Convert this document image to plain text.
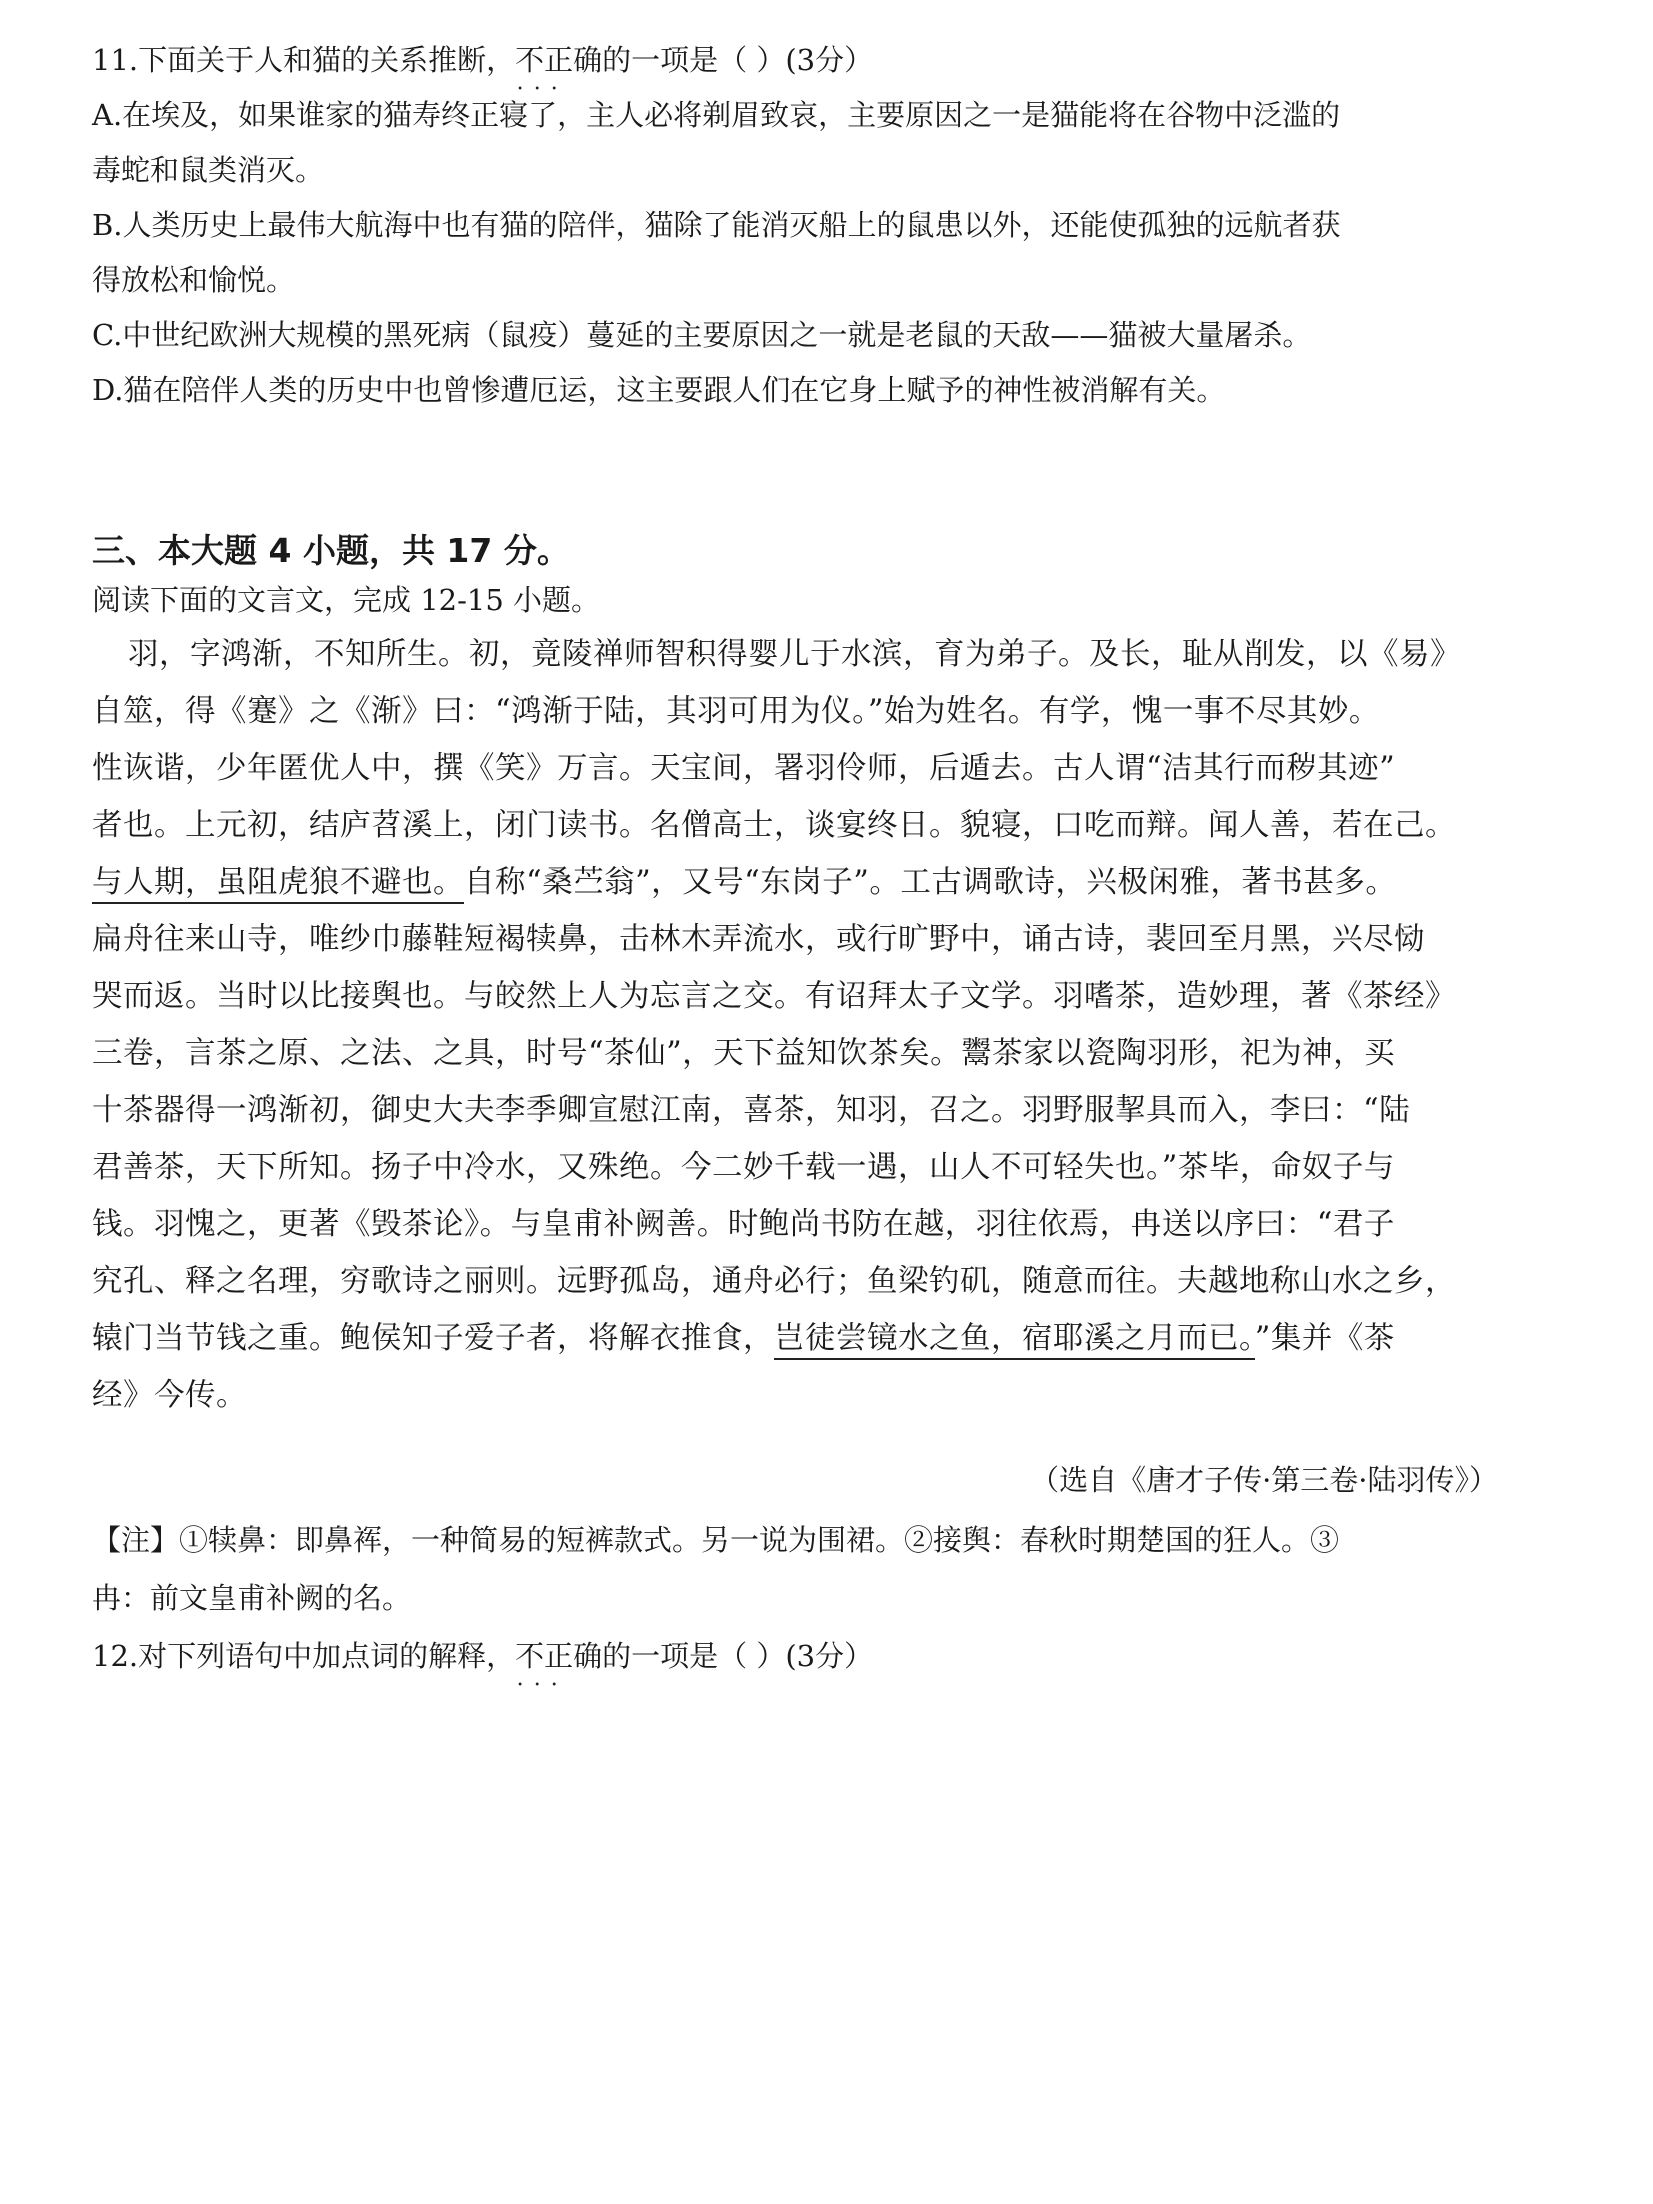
11.下面关于人和猫的关系推断，不正确 • • •的一项是（ ）(3分）
A.在埃及，如果谁家的猫寿终正寝了，主人必将剃眉致哀，主要原因之一是猫能将在谷物中泛滥的
毒蛇和鼠类消灭。
B.人类历史上最伟大航海中也有猫的陪伴，猫除了能消灭船上的鼠患以外，还能使孤独的远航者获
得放松和愉悦。
C.中世纪欧洲大规模的黑死病（鼠疫）蔓延的主要原因之一就是老鼠的天敌——猫被大量屠杀。
D.猫在陪伴人类的历史中也曾惨遭厄运，这主要跟人们在它身上赋予的神性被消解有关。
三、本大题 4 小题，共 17 分。
阅读下面的文言文，完成 12-15 小题。
羽，字鸿渐，不知所生。初，竟陵禅师智积得婴儿于水滨，育为弟子。及长，耻从削发，以《易》
自筮，得《蹇》之《渐》曰：“鸿渐于陆，其羽可用为仪。”始为姓名。有学，愧一事不尽其妙。
性诙谐，少年匿优人中，撰《笑》万言。天宝间，署羽伶师，后遁去。古人谓“洁其行而秽其迹”
者也。上元初，结庐苕溪上，闭门读书。名僧高士，谈宴终日。貌寝，口吃而辩。闻人善，若在己。
与人期，虽阻虎狼不避也。自称“桑苎翁”，又号“东岗子”。工古调歌诗，兴极闲雅，著书甚多。
扁舟往来山寺，唯纱巾藤鞋短褐犊鼻，击林木弄流水，或行旷野中，诵古诗，裴回至月黑，兴尽恸
哭而返。当时以比接舆也。与皎然上人为忘言之交。有诏拜太子文学。羽嗜茶，造妙理，著《茶经》
三卷，言茶之原、之法、之具，时号“茶仙”，天下益知饮茶矣。鬻茶家以瓷陶羽形，祀为神，买
十茶器得一鸿渐初，御史大夫李季卿宣慰江南，喜茶，知羽，召之。羽野服挈具而入，李曰：“陆
君善茶，天下所知。扬子中冷水，又殊绝。今二妙千载一遇，山人不可轻失也。”茶毕，命奴子与
钱。羽愧之，更著《毁茶论》。与皇甫补阙善。时鲍尚书防在越，羽往依焉，冉送以序曰：“君子
究孔、释之名理，穷歌诗之丽则。远野孤岛，通舟必行；鱼梁钓矶，随意而往。夫越地称山水之乡，
辕门当节钱之重。鲍侯知子爱子者，将解衣推食，岂徒尝镜水之鱼，宿耶溪之月而已。”集并《茶
经》今传。
（选自《唐才子传·第三卷·陆羽传》）
【注】①犊鼻：即鼻裈，一种简易的短裤款式。另一说为围裙。②接舆：春秋时期楚国的狂人。③
冉：前文皇甫补阙的名。
12.对下列语句中加点词的解释，不正确 • • •的一项是（ ）(3分）
